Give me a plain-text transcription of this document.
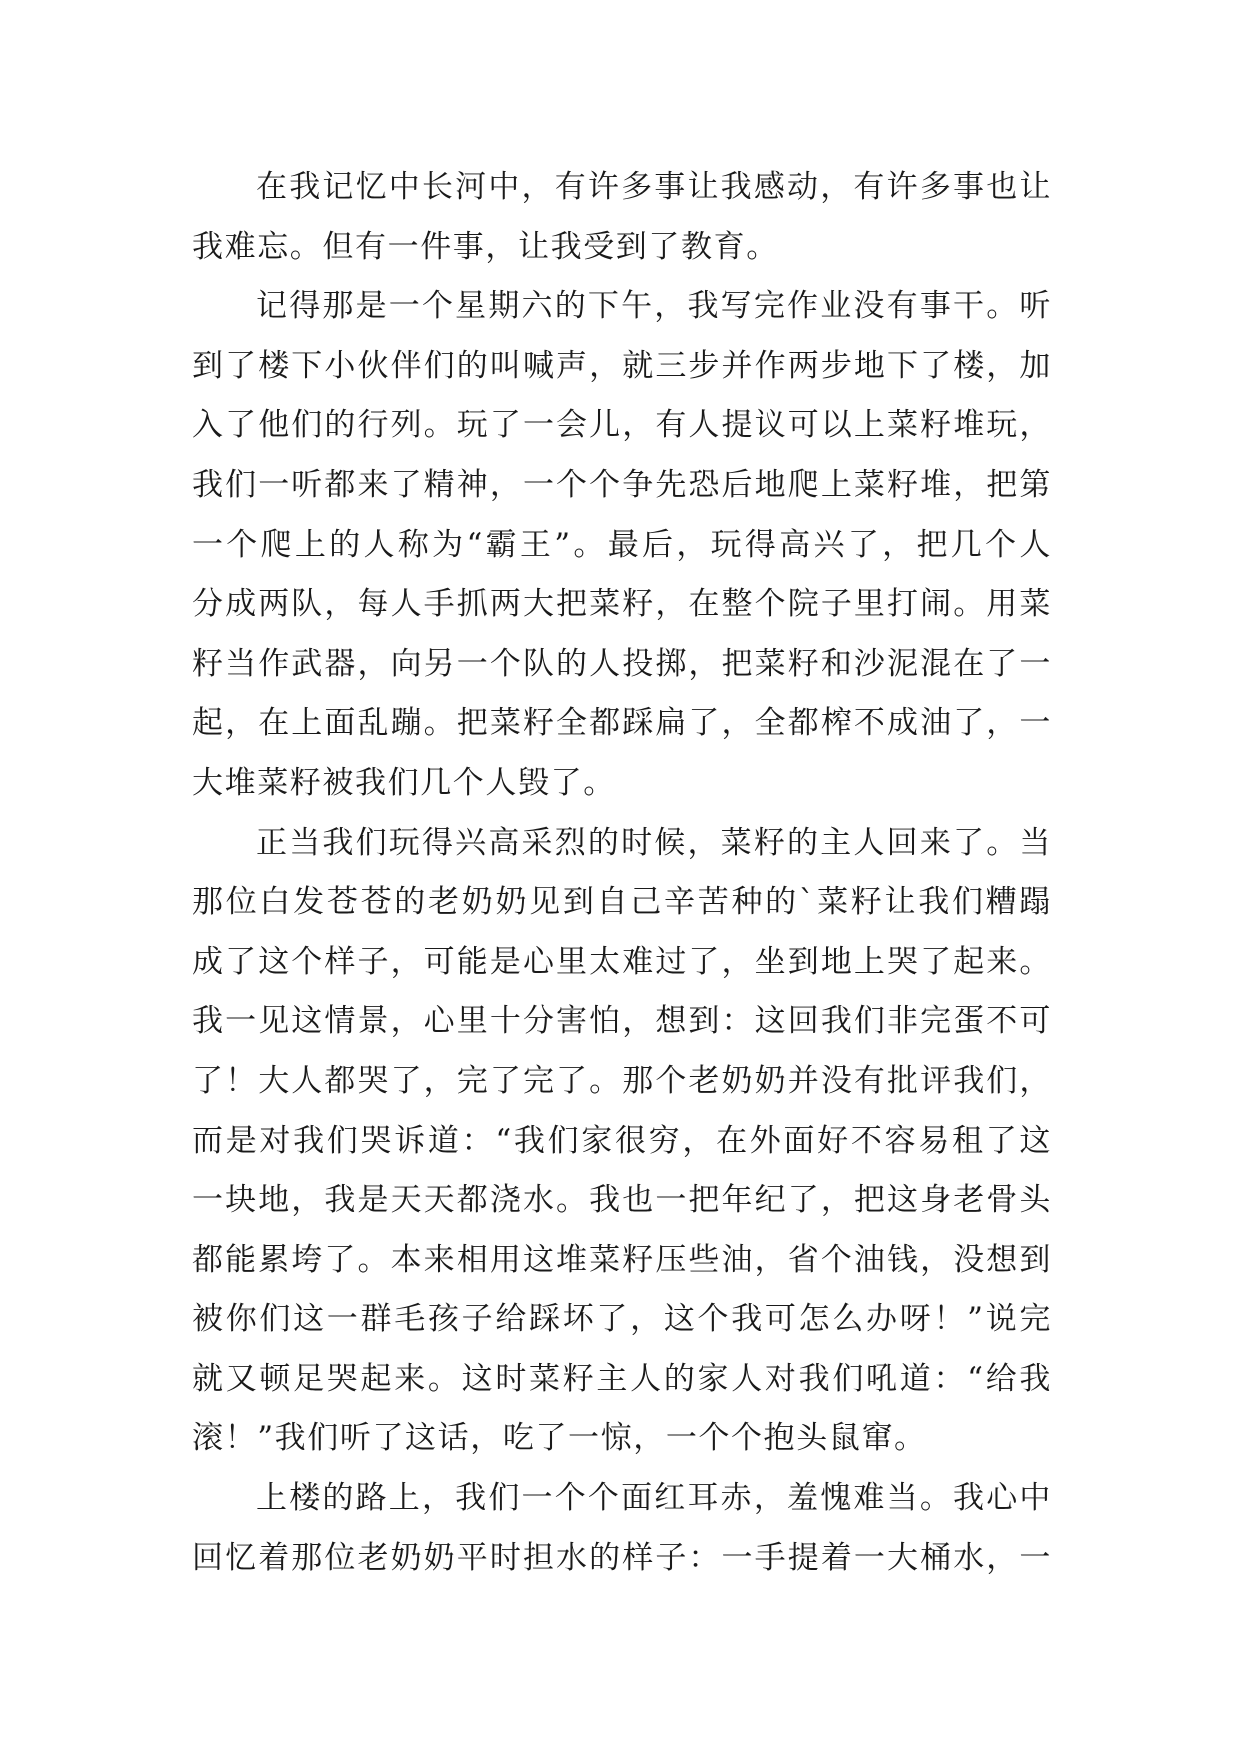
在我记忆中长河中，有许多事让我感动，有许多事也让
我难忘。但有一件事，让我受到了教育。
记得那是一个星期六的下午，我写完作业没有事干。听
到了楼下小伙伴们的叫喊声，就三步并作两步地下了楼，加
入了他们的行列。玩了一会儿，有人提议可以上菜籽堆玩，
我们一听都来了精神，一个个争先恐后地爬上菜籽堆，把第
一个爬上的人称为“霸王”。最后，玩得高兴了，把几个人
分成两队，每人手抓两大把菜籽，在整个院子里打闹。用菜
籽当作武器，向另一个队的人投掷，把菜籽和沙泥混在了一
起，在上面乱蹦。把菜籽全都踩扁了，全都榨不成油了，一
大堆菜籽被我们几个人毁了。
正当我们玩得兴高采烈的时候，菜籽的主人回来了。当
那位白发苍苍的老奶奶见到自己辛苦种的`菜籽让我们糟蹋
成了这个样子，可能是心里太难过了，坐到地上哭了起来。
我一见这情景，心里十分害怕，想到：这回我们非完蛋不可
了！大人都哭了，完了完了。那个老奶奶并没有批评我们，
而是对我们哭诉道：“我们家很穷，在外面好不容易租了这
一块地，我是天天都浇水。我也一把年纪了，把这身老骨头
都能累垮了。本来相用这堆菜籽压些油，省个油钱，没想到
被你们这一群毛孩子给踩坏了，这个我可怎么办呀！”说完
就又顿足哭起来。这时菜籽主人的家人对我们吼道：“给我
滚！”我们听了这话，吃了一惊，一个个抱头鼠窜。
上楼的路上，我们一个个面红耳赤，羞愧难当。我心中
回忆着那位老奶奶平时担水的样子：一手提着一大桶水，一
